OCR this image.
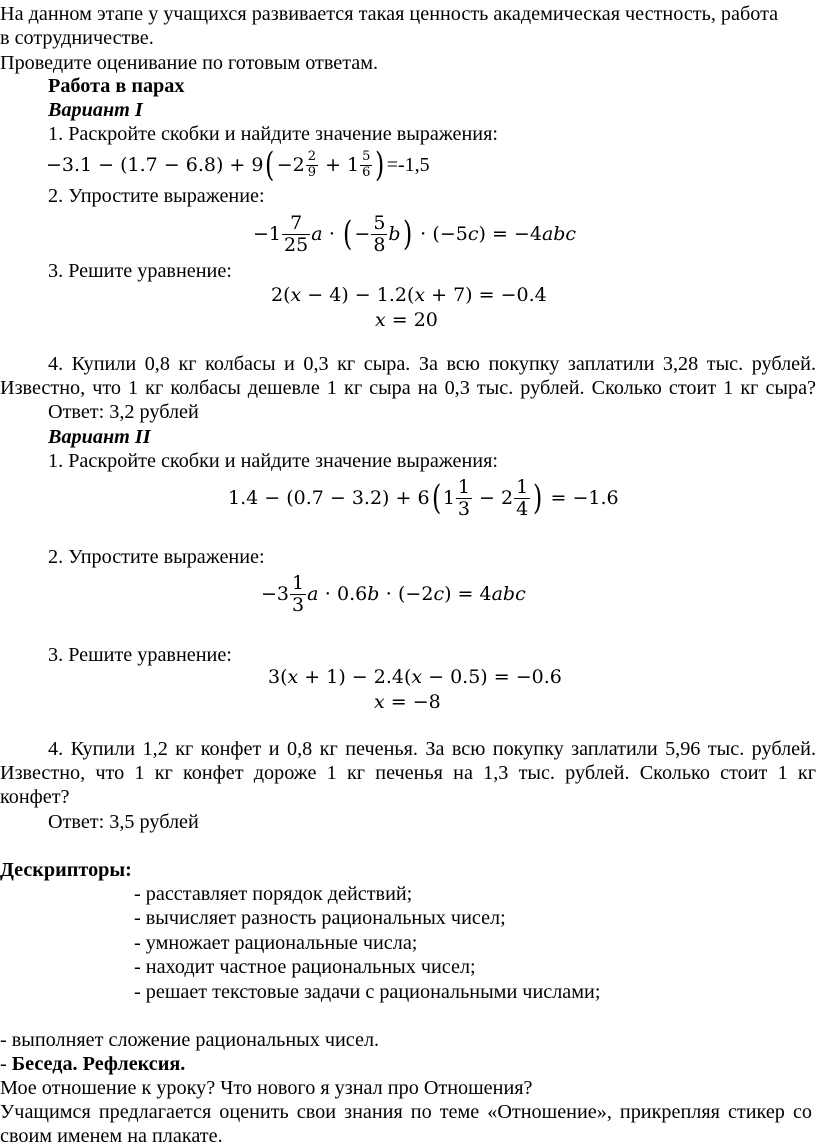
На данном этапе у учащихся развивается такая ценность академическая честность, работа
в сотрудничестве.
Проведите оценивание по готовым ответам.
Работа в парах
Вариант I
1. Раскройте скобки и найдите значение выражения:
−3.1 − (1.7 − 6.8) + 9 ( −2 2
9 + 1 5
6 ) =-1,5
2. Упростите выражение:
−1
7
25 a ⋅ ( −
5
8 b ) ⋅ (−5c) = −4abc
3. Решите уравнение:
2(x − 4) − 1.2(x + 7) = −0.4
x = 20
4. Купили 0,8 кг колбасы и 0,3 кг сыра. За всю покупку заплатили 3,28 тыс. рублей.
Известно, что 1 кг колбасы дешевле 1 кг сыра на 0,3 тыс. рублей. Сколько стоит 1 кг сыра?
Ответ: 3,2 рублей
Вариант II
1. Раскройте скобки и найдите значение выражения:
1.4 − (0.7 − 3.2) + 6 ( 1
1
3 − 2
1
4 ) = −1.6
2. Упростите выражение:
−3
1
3 a ⋅ 0.6b ⋅ (−2c) = 4abc
3. Решите уравнение:
3(x + 1) − 2.4(x − 0.5) = −0.6
x = −8
4. Купили 1,2 кг конфет и 0,8 кг печенья. За всю покупку заплатили 5,96 тыс. рублей.
Известно, что 1 кг конфет дороже 1 кг печенья на 1,3 тыс. рублей. Сколько стоит 1 кг
конфет?
Ответ: 3,5 рублей
Дескрипторы:
- расставляет порядок действий;
- вычисляет разность рациональных чисел;
- умножает рациональные числа;
- находит частное рациональных чисел;
- решает текстовые задачи с рациональными числами;
- выполняет сложение рациональных чисел.
- Беседа. Рефлексия.
Мое отношение к уроку? Что нового я узнал про Отношения?
Учащимся предлагается оценить свои знания по теме «Отношение», прикрепляя стикер со
своим именем на плакате.
